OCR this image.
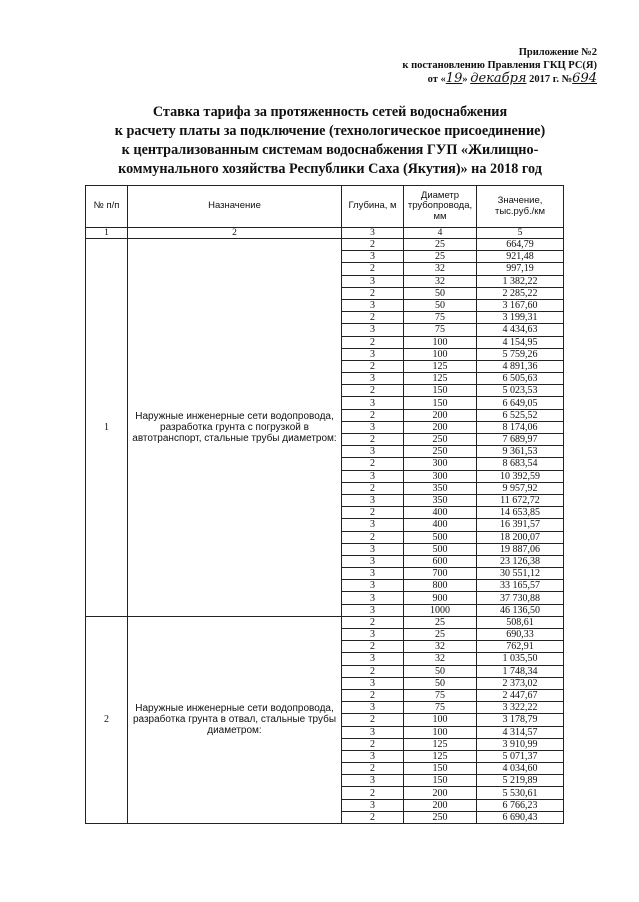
Приложение №2
к постановлению Правления ГКЦ РС(Я)
от «19» декабря 2017 г. №694
Ставка тарифа за протяженность сетей водоснабжения
к расчету платы за подключение (технологическое присоединение)
к централизованным системам водоснабжения ГУП «Жилищно-
коммунального хозяйства Республики Саха (Якутия)» на 2018 год
№ п/п	Назначение	Глубина, м	Диаметр трубопровода, мм	Значение, тыс.руб./км
1	2	3	4	5
1	Наружные инженерные сети водопровода, разработка грунта с погрузкой в автотранспорт, стальные трубы диаметром:	2	25	664,79
		3	25	921,48
		2	32	997,19
		3	32	1 382,22
		2	50	2 285,22
		3	50	3 167,60
		2	75	3 199,31
		3	75	4 434,63
		2	100	4 154,95
		3	100	5 759,26
		2	125	4 891,36
		3	125	6 505,63
		2	150	5 023,53
		3	150	6 649,05
		2	200	6 525,52
		3	200	8 174,06
		2	250	7 689,97
		3	250	9 361,53
		2	300	8 683,54
		3	300	10 392,59
		2	350	9 957,92
		3	350	11 672,72
		2	400	14 653,85
		3	400	16 391,57
		2	500	18 200,07
		3	500	19 887,06
		3	600	23 126,38
		3	700	30 551,12
		3	800	33 165,57
		3	900	37 730,88
		3	1000	46 136,50
2	Наружные инженерные сети водопровода, разработка грунта в отвал, стальные трубы диаметром:	2	25	508,61
		3	25	690,33
		2	32	762,91
		3	32	1 035,50
		2	50	1 748,34
		3	50	2 373,02
		2	75	2 447,67
		3	75	3 322,22
		2	100	3 178,79
		3	100	4 314,57
		2	125	3 910,99
		3	125	5 071,37
		2	150	4 034,60
		3	150	5 219,89
		2	200	5 530,61
		3	200	6 766,23
		2	250	6 690,43
